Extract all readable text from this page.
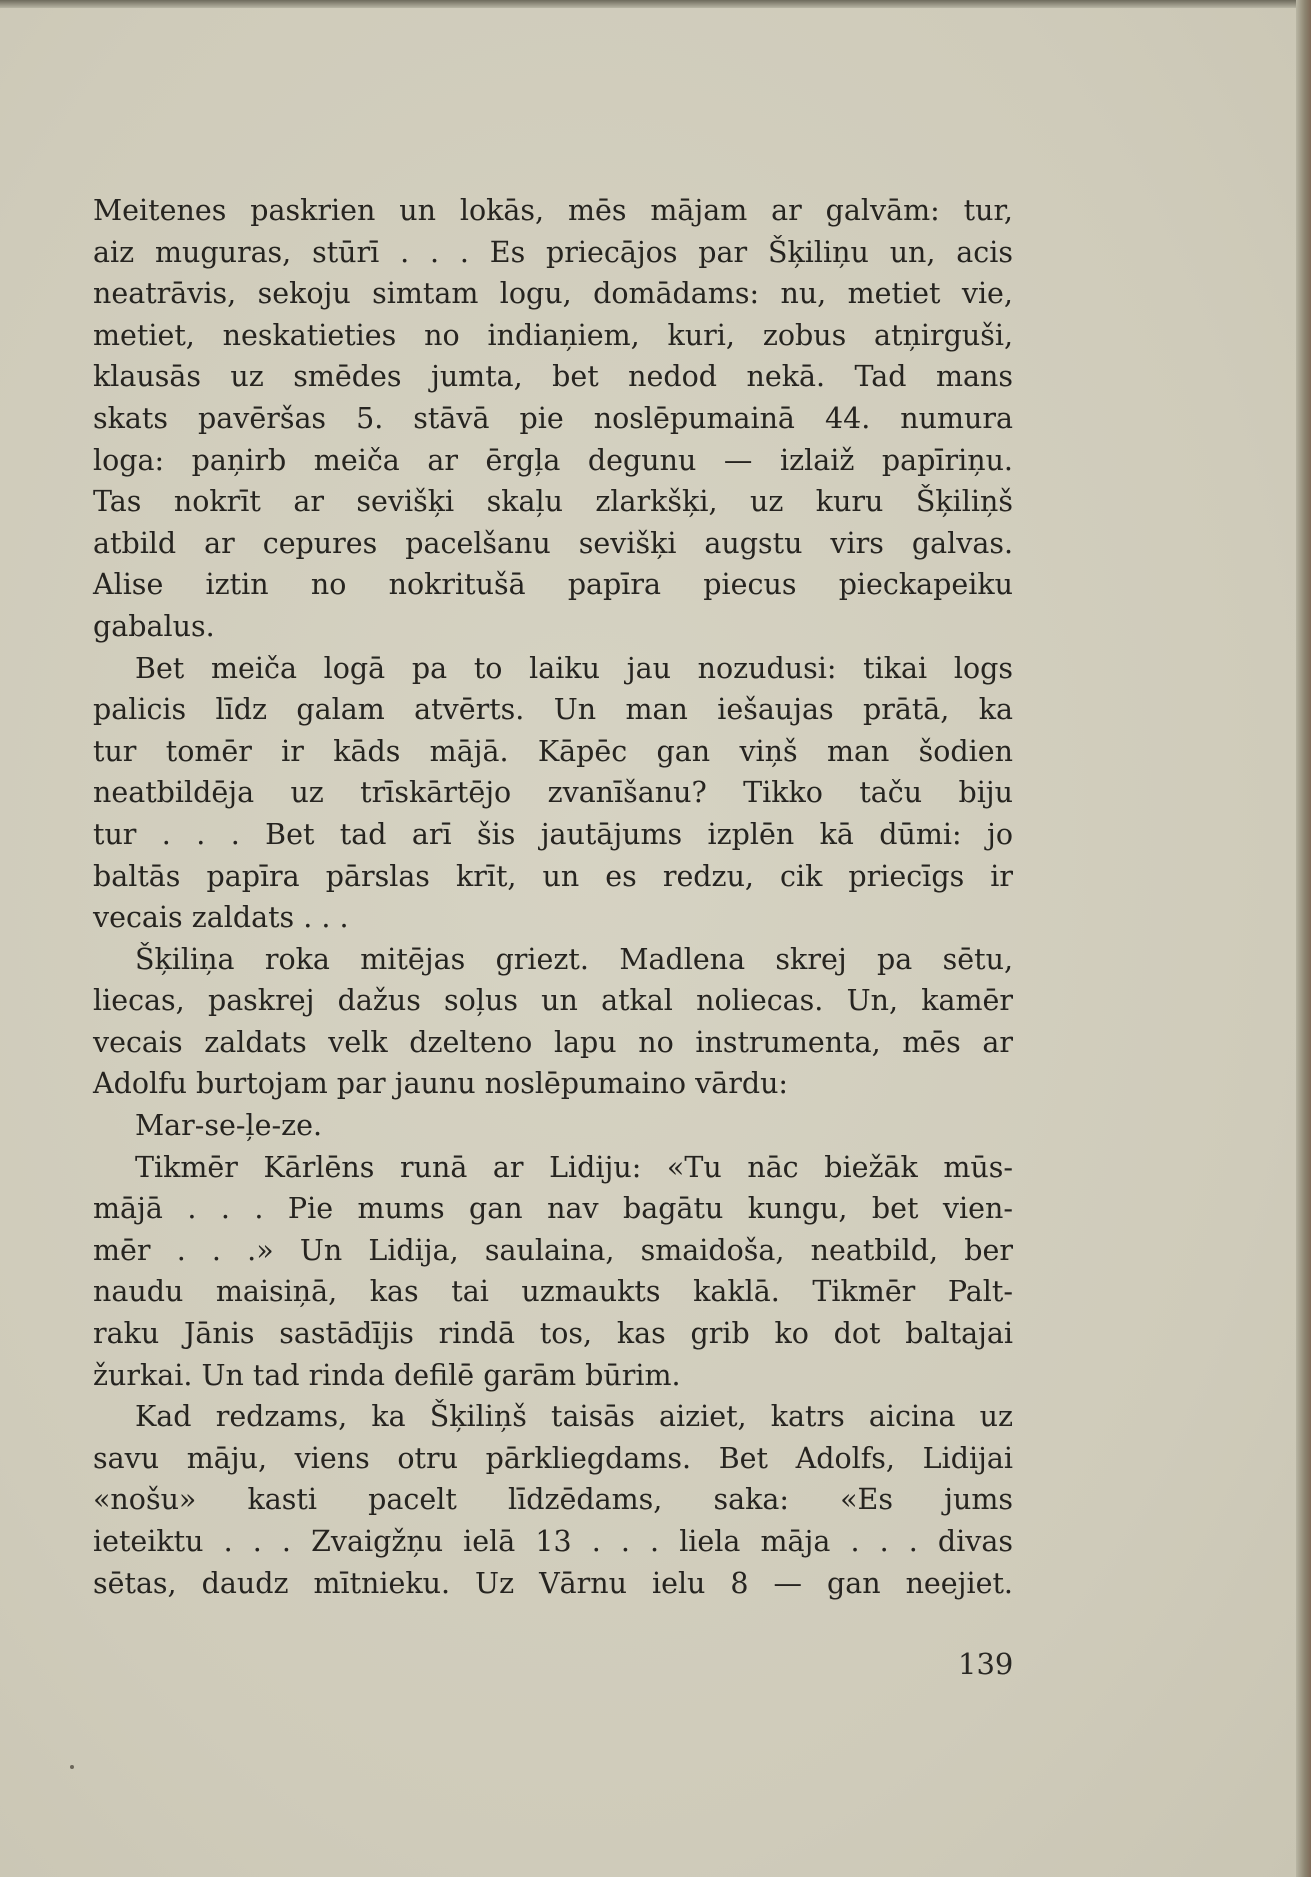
Meitenes paskrien un lokās, mēs mājam ar galvām: tur,
aiz muguras, stūrī . . . Es priecājos par Šķiliņu un, acis
neatrāvis, sekoju simtam logu, domādams: nu, metiet vie,
metiet, neskatieties no indiaņiem, kuri, zobus atņirguši,
klausās uz smēdes jumta, bet nedod nekā. Tad mans
skats pavēršas 5. stāvā pie noslēpumainā 44. numura
loga: paņirb meiča ar ērgļa degunu — izlaiž papīriņu.
Tas nokrīt ar sevišķi skaļu zlarkšķi, uz kuru Šķiliņš
atbild ar cepures pacelšanu sevišķi augstu virs galvas.
Alise iztin no nokritušā papīra piecus pieckapeiku
gabalus.
Bet meiča logā pa to laiku jau nozudusi: tikai logs
palicis līdz galam atvērts. Un man iešaujas prātā, ka
tur tomēr ir kāds mājā. Kāpēc gan viņš man šodien
neatbildēja uz trīskārtējo zvanīšanu? Tikko taču biju
tur . . . Bet tad arī šis jautājums izplēn kā dūmi: jo
baltās papīra pārslas krīt, un es redzu, cik priecīgs ir
vecais zaldats . . .
Šķiliņa roka mitējas griezt. Madlena skrej pa sētu,
liecas, paskrej dažus soļus un atkal noliecas. Un, kamēr
vecais zaldats velk dzelteno lapu no instrumenta, mēs ar
Adolfu burtojam par jaunu noslēpumaino vārdu:
Mar-se-ļe-ze.
Tikmēr Kārlēns runā ar Lidiju: «Tu nāc biežāk mūs-
mājā . . . Pie mums gan nav bagātu kungu, bet vien-
mēr . . .» Un Lidija, saulaina, smaidoša, neatbild, ber
naudu maisiņā, kas tai uzmaukts kaklā. Tikmēr Palt-
raku Jānis sastādījis rindā tos, kas grib ko dot baltajai
žurkai. Un tad rinda defilē garām būrim.
Kad redzams, ka Šķiliņš taisās aiziet, katrs aicina uz
savu māju, viens otru pārkliegdams. Bet Adolfs, Lidijai
«nošu» kasti pacelt līdzēdams, saka: «Es jums
ieteiktu . . . Zvaigžņu ielā 13 . . . liela māja . . . divas
sētas, daudz mītnieku. Uz Vārnu ielu 8 — gan neejiet.
139
